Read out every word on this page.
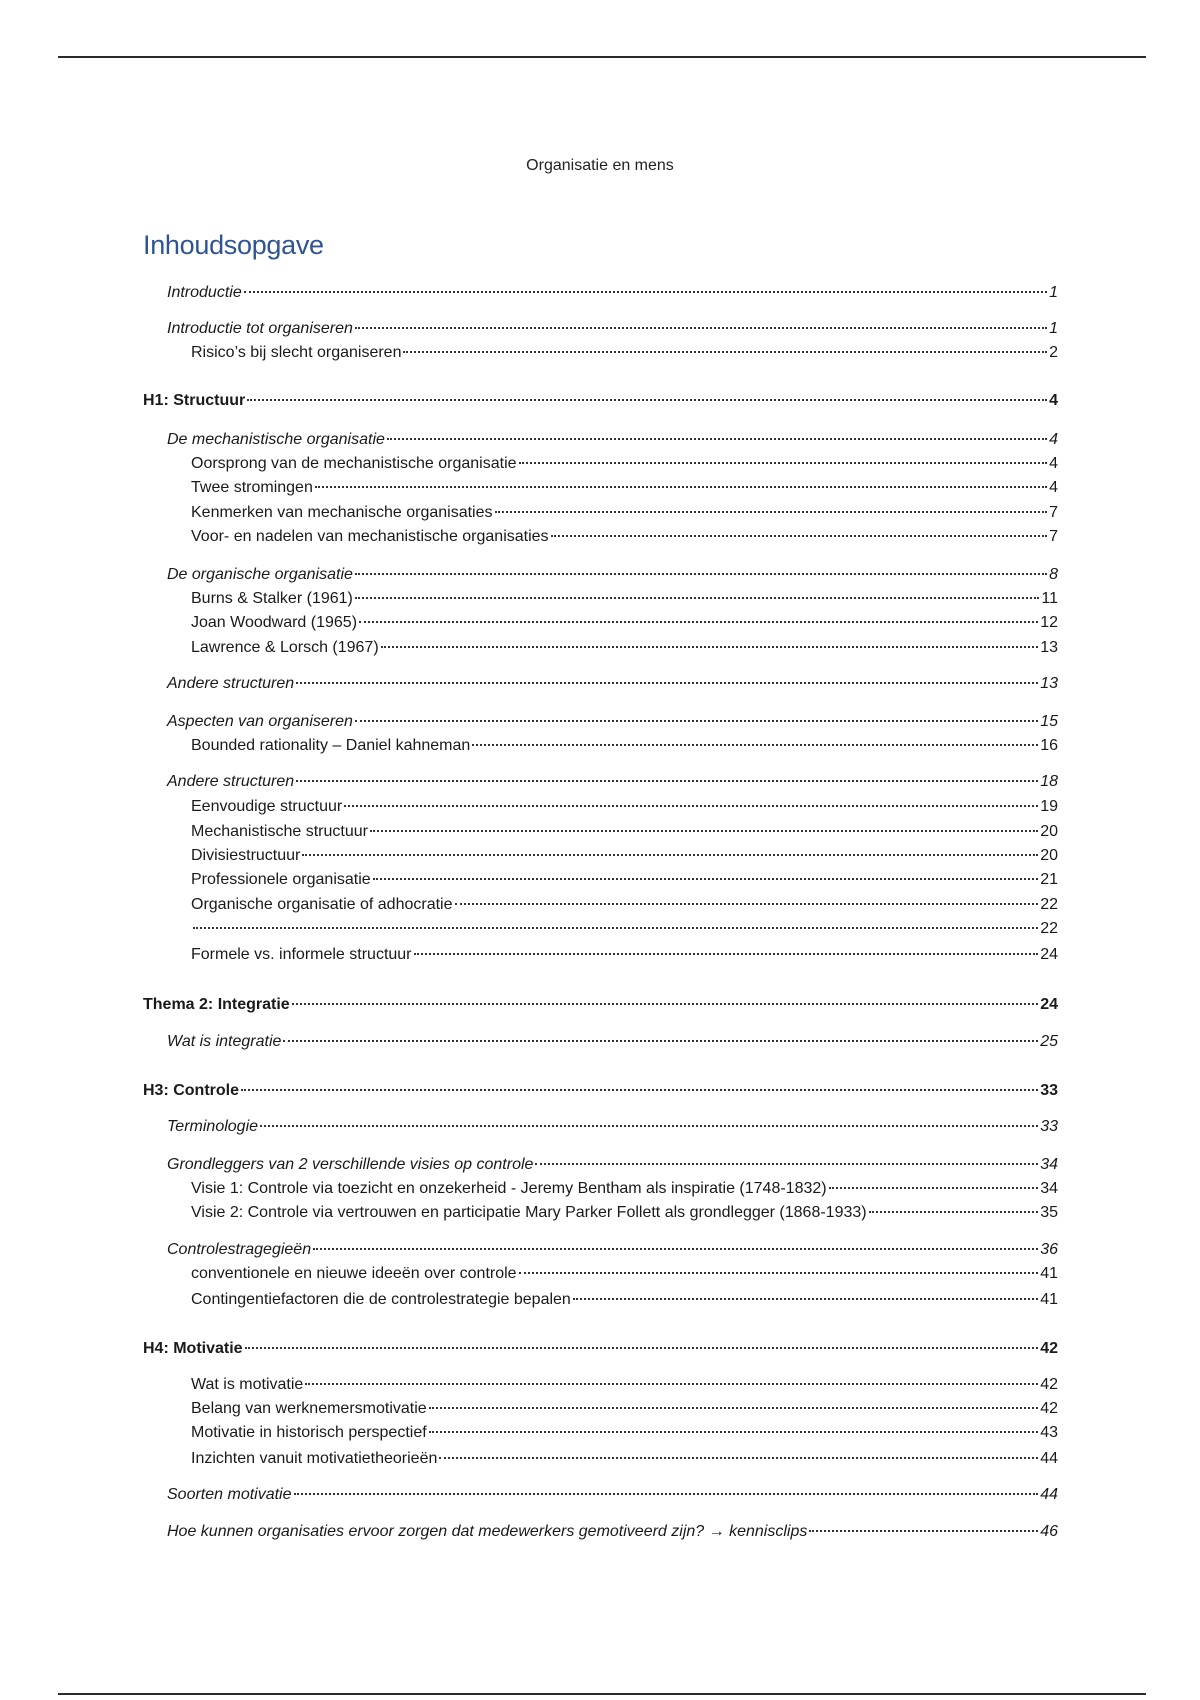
Organisatie en mens
Inhoudsopgave
Introductie	1
Introductie tot organiseren	1
Risico’s bij slecht organiseren	2
H1: Structuur	4
De mechanistische organisatie	4
Oorsprong van de mechanistische organisatie	4
Twee stromingen	4
Kenmerken van mechanische organisaties	7
Voor- en nadelen van mechanistische organisaties	7
De organische organisatie	8
Burns & Stalker (1961)	11
Joan Woodward (1965)	12
Lawrence & Lorsch (1967)	13
Andere structuren	13
Aspecten van organiseren	15
Bounded rationality – Daniel kahneman	16
Andere structuren	18
Eenvoudige structuur	19
Mechanistische structuur	20
Divisiestructuur	20
Professionele organisatie	21
Organische organisatie of adhocratie	22
22
Formele vs. informele structuur	24
Thema 2: Integratie	24
Wat is integratie	25
H3: Controle	33
Terminologie	33
Grondleggers van 2 verschillende visies op controle	34
Visie 1: Controle via toezicht en onzekerheid - Jeremy Bentham als inspiratie (1748-1832)	34
Visie 2: Controle via vertrouwen en participatie Mary Parker Follett als grondlegger (1868-1933)	35
Controlestragegieën	36
conventionele en nieuwe ideeën over controle	41
Contingentiefactoren die de controlestrategie bepalen	41
H4: Motivatie	42
Wat is motivatie	42
Belang van werknemersmotivatie	42
Motivatie in historisch perspectief	43
Inzichten vanuit motivatietheorieën	44
Soorten motivatie	44
Hoe kunnen organisaties ervoor zorgen dat medewerkers gemotiveerd zijn? → kennisclips	46
